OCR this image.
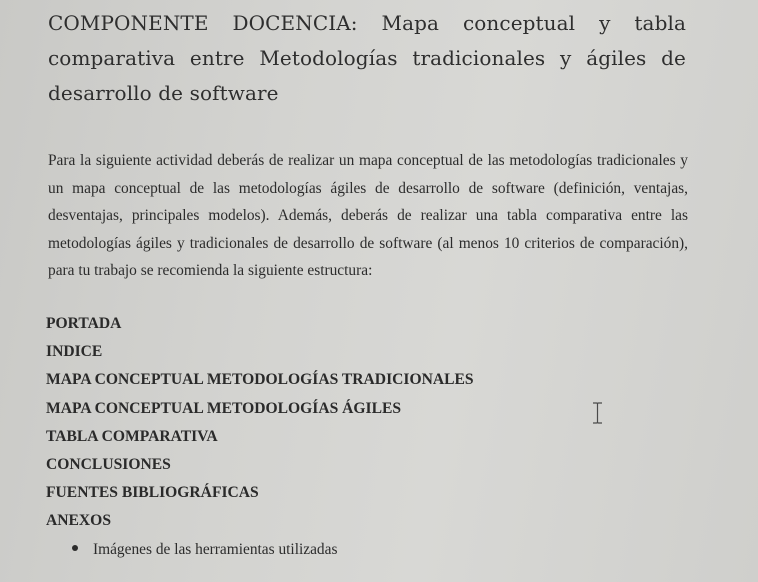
COMPONENTE DOCENCIA: Mapa conceptual y tabla comparativa entre Metodologías tradicionales y ágiles de desarrollo de software

Para la siguiente actividad deberás de realizar un mapa conceptual de las metodologías tradicionales y un mapa conceptual de las metodologías ágiles de desarrollo de software (definición, ventajas, desventajas, principales modelos). Además, deberás de realizar una tabla comparativa entre las metodologías ágiles y tradicionales de desarrollo de software (al menos 10 criterios de comparación), para tu trabajo se recomienda la siguiente estructura:

PORTADA
INDICE
MAPA CONCEPTUAL METODOLOGÍAS TRADICIONALES
MAPA CONCEPTUAL METODOLOGÍAS ÁGILES
TABLA COMPARATIVA
CONCLUSIONES
FUENTES BIBLIOGRÁFICAS
ANEXOS
Imágenes de las herramientas utilizadas
